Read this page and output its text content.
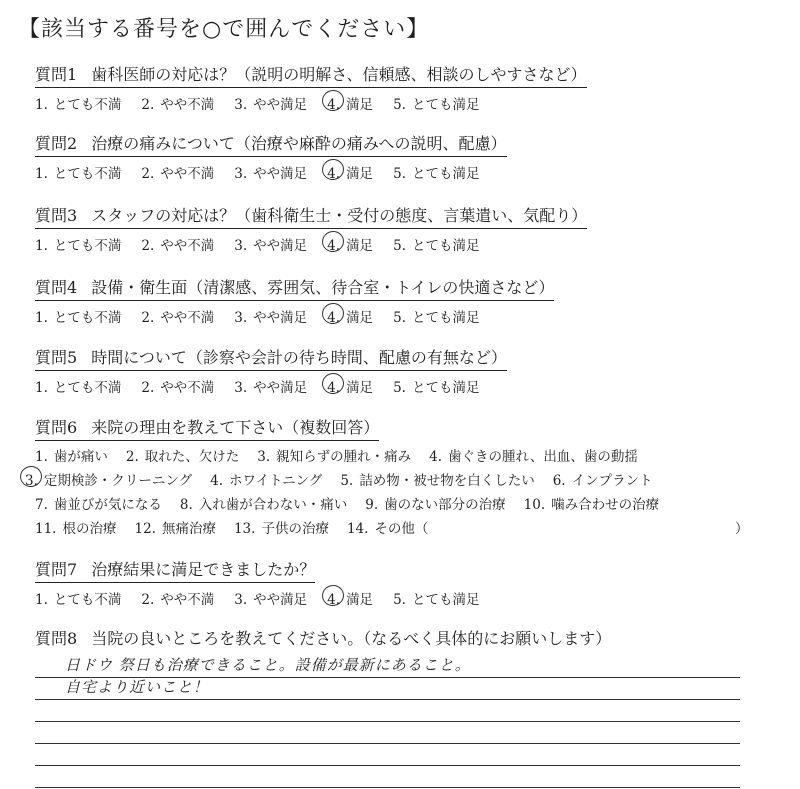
【該当する番号を○で囲んでください】
質問1 歯科医師の対応は？（説明の明解さ、信頼感、相談のしやすさなど）
1. とても不満 2. やや不満 3. やや満足 4. 満足 5. とても満足
質問2 治療の痛みについて（治療や麻酔の痛みへの説明、配慮）
1. とても不満 2. やや不満 3. やや満足 4. 満足 5. とても満足
質問3 スタッフの対応は？（歯科衛生士・受付の態度、言葉遣い、気配り）
1. とても不満 2. やや不満 3. やや満足 4. 満足 5. とても満足
質問4 設備・衛生面（清潔感、雰囲気、待合室・トイレの快適さなど）
1. とても不満 2. やや不満 3. やや満足 4. 満足 5. とても満足
質問5 時間について（診察や会計の待ち時間、配慮の有無など）
1. とても不満 2. やや不満 3. やや満足 4. 満足 5. とても満足
質問6 来院の理由を教えて下さい（複数回答）
1. 歯が痛い 2. 取れた、欠けた 3. 親知らずの腫れ・痛み 4. 歯ぐきの腫れ、出血、歯の動揺
3. 定期検診・クリーニング 4. ホワイトニング 5. 詰め物・被せ物を白くしたい 6. インプラント
7. 歯並びが気になる 8. 入れ歯が合わない・痛い 9. 歯のない部分の治療 10. 噛み合わせの治療
11. 根の治療 12. 無痛治療 13. 子供の治療 14. その他（	）
質問7 治療結果に満足できましたか？
1. とても不満 2. やや不満 3. やや満足 4. 満足 5. とても満足
質問8 当院の良いところを教えてください。（なるべく具体的にお願いします）
日ドウ 祭日も治療できること。設備が最新にあること。
自宅より近いこと！
